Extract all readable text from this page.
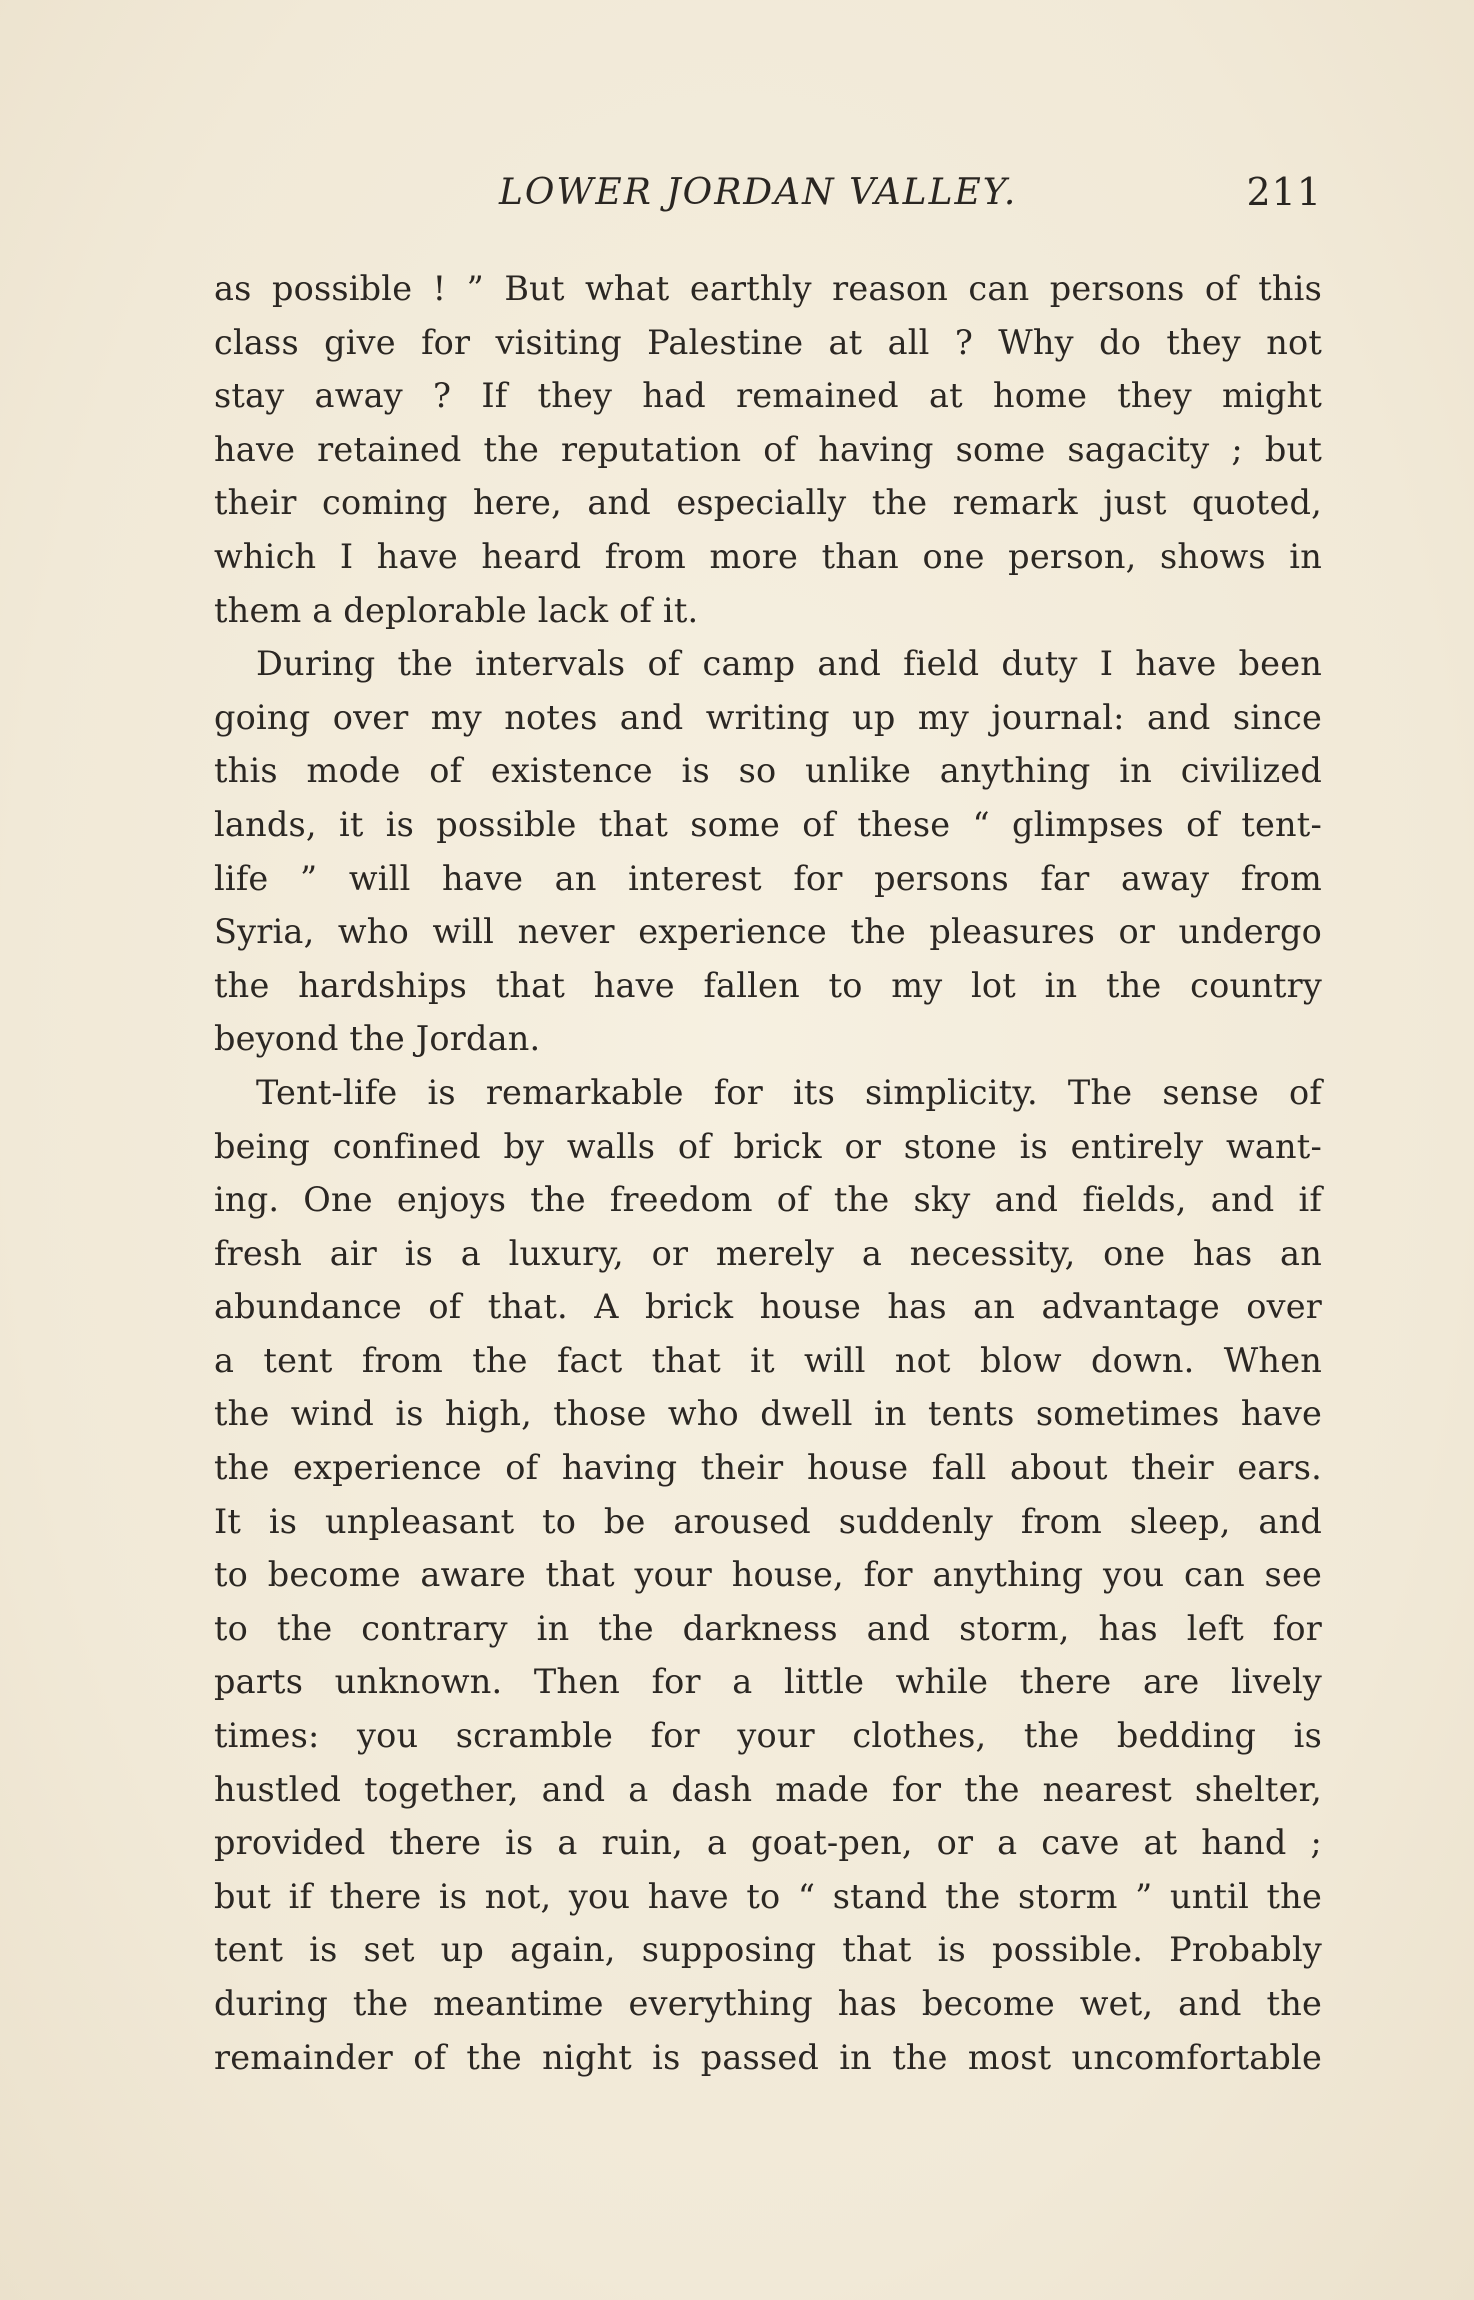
LOWER JORDAN VALLEY.	211
as possible ! ” But what earthly reason can persons of this
class give for visiting Palestine at all ? Why do they not
stay away ? If they had remained at home they might
have retained the reputation of having some sagacity ; but
their coming here, and especially the remark just quoted,
which I have heard from more than one person, shows in
them a deplorable lack of it.
During the intervals of camp and field duty I have been
going over my notes and writing up my journal: and since
this mode of existence is so unlike anything in civilized
lands, it is possible that some of these “ glimpses of tent-
life ” will have an interest for persons far away from
Syria, who will never experience the pleasures or undergo
the hardships that have fallen to my lot in the country
beyond the Jordan.
Tent-life is remarkable for its simplicity. The sense of
being confined by walls of brick or stone is entirely want-
ing. One enjoys the freedom of the sky and fields, and if
fresh air is a luxury, or merely a necessity, one has an
abundance of that. A brick house has an advantage over
a tent from the fact that it will not blow down. When
the wind is high, those who dwell in tents sometimes have
the experience of having their house fall about their ears.
It is unpleasant to be aroused suddenly from sleep, and
to become aware that your house, for anything you can see
to the contrary in the darkness and storm, has left for
parts unknown. Then for a little while there are lively
times: you scramble for your clothes, the bedding is
hustled together, and a dash made for the nearest shelter,
provided there is a ruin, a goat-pen, or a cave at hand ;
but if there is not, you have to “ stand the storm ” until the
tent is set up again, supposing that is possible. Probably
during the meantime everything has become wet, and the
remainder of the night is passed in the most uncomfortable
